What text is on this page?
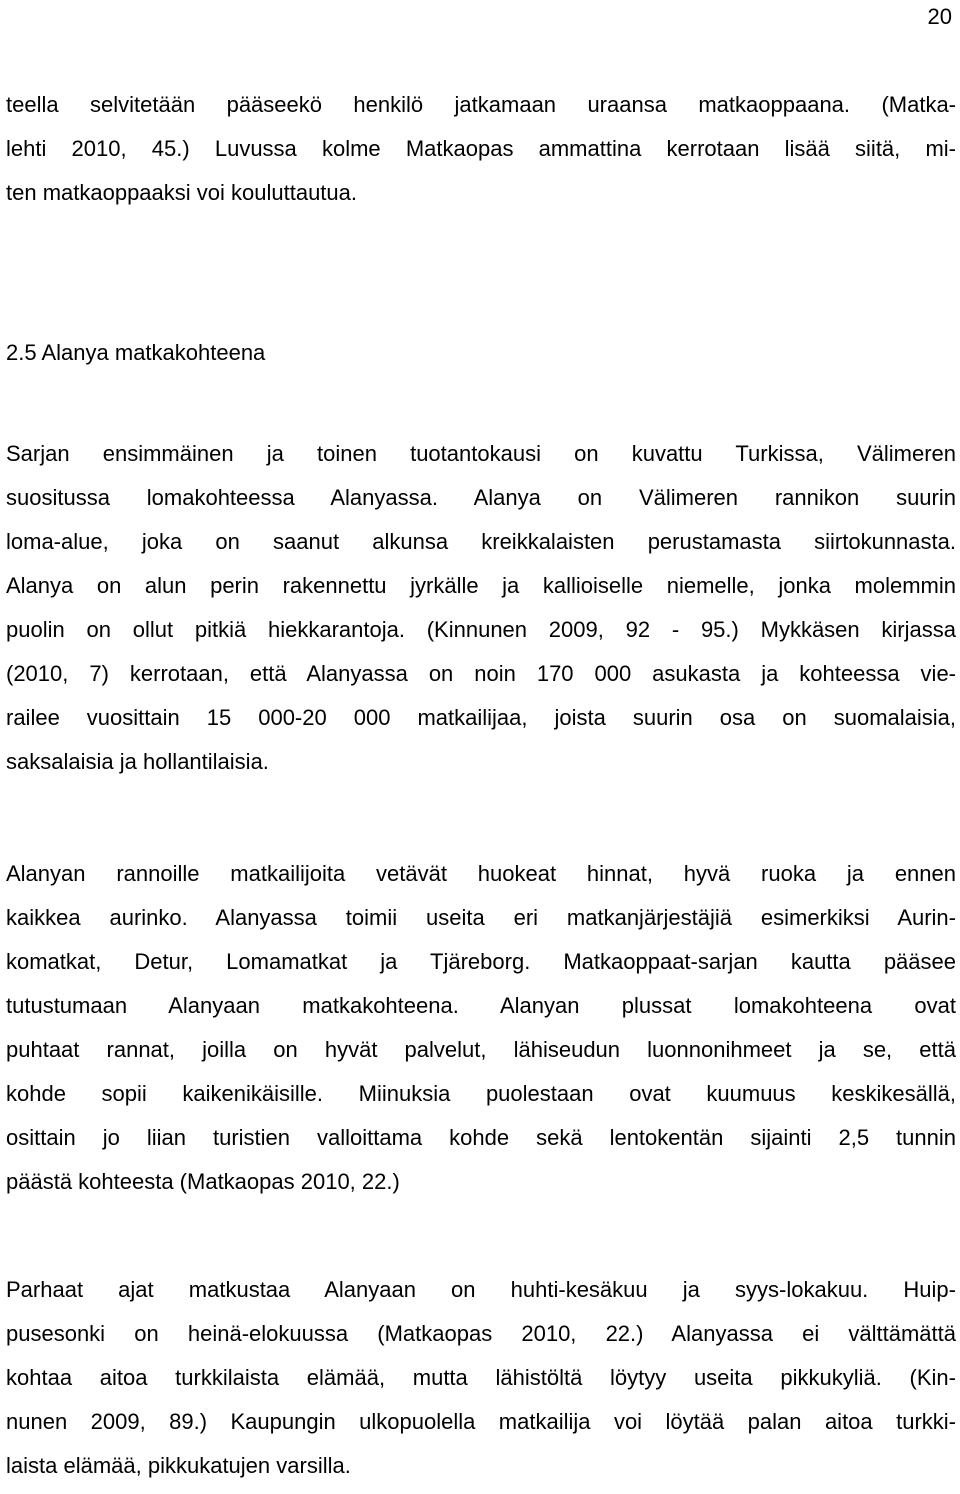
20
teella selvitetään pääseekö henkilö jatkamaan uraansa matkaoppaana. (Matka-
lehti 2010, 45.) Luvussa kolme Matkaopas ammattina kerrotaan lisää siitä, mi-
ten matkaoppaaksi voi kouluttautua.
2.5 Alanya matkakohteena
Sarjan ensimmäinen ja toinen tuotantokausi on kuvattu Turkissa, Välimeren
suositussa lomakohteessa Alanyassa. Alanya on Välimeren rannikon suurin
loma-alue, joka on saanut alkunsa kreikkalaisten perustamasta siirtokunnasta.
Alanya on alun perin rakennettu jyrkälle ja kallioiselle niemelle, jonka molemmin
puolin on ollut pitkiä hiekkarantoja. (Kinnunen 2009, 92 - 95.) Mykkäsen kirjassa
(2010, 7) kerrotaan, että Alanyassa on noin 170 000 asukasta ja kohteessa vie-
railee vuosittain 15 000-20 000 matkailijaa, joista suurin osa on suomalaisia,
saksalaisia ja hollantilaisia.
Alanyan rannoille matkailijoita vetävät huokeat hinnat, hyvä ruoka ja ennen
kaikkea aurinko. Alanyassa toimii useita eri matkanjärjestäjiä esimerkiksi Aurin-
komatkat, Detur, Lomamatkat ja Tjäreborg. Matkaoppaat-sarjan kautta pääsee
tutustumaan Alanyaan matkakohteena. Alanyan plussat lomakohteena ovat
puhtaat rannat, joilla on hyvät palvelut, lähiseudun luonnonihmeet ja se, että
kohde sopii kaikenikäisille. Miinuksia puolestaan ovat kuumuus keskikesällä,
osittain jo liian turistien valloittama kohde sekä lentokentän sijainti 2,5 tunnin
päästä kohteesta (Matkaopas 2010, 22.)
Parhaat ajat matkustaa Alanyaan on huhti-kesäkuu ja syys-lokakuu. Huip-
pusesonki on heinä-elokuussa (Matkaopas 2010, 22.) Alanyassa ei välttämättä
kohtaa aitoa turkkilaista elämää, mutta lähistöltä löytyy useita pikkukyliä. (Kin-
nunen 2009, 89.) Kaupungin ulkopuolella matkailija voi löytää palan aitoa turkki-
laista elämää, pikkukatujen varsilla.
